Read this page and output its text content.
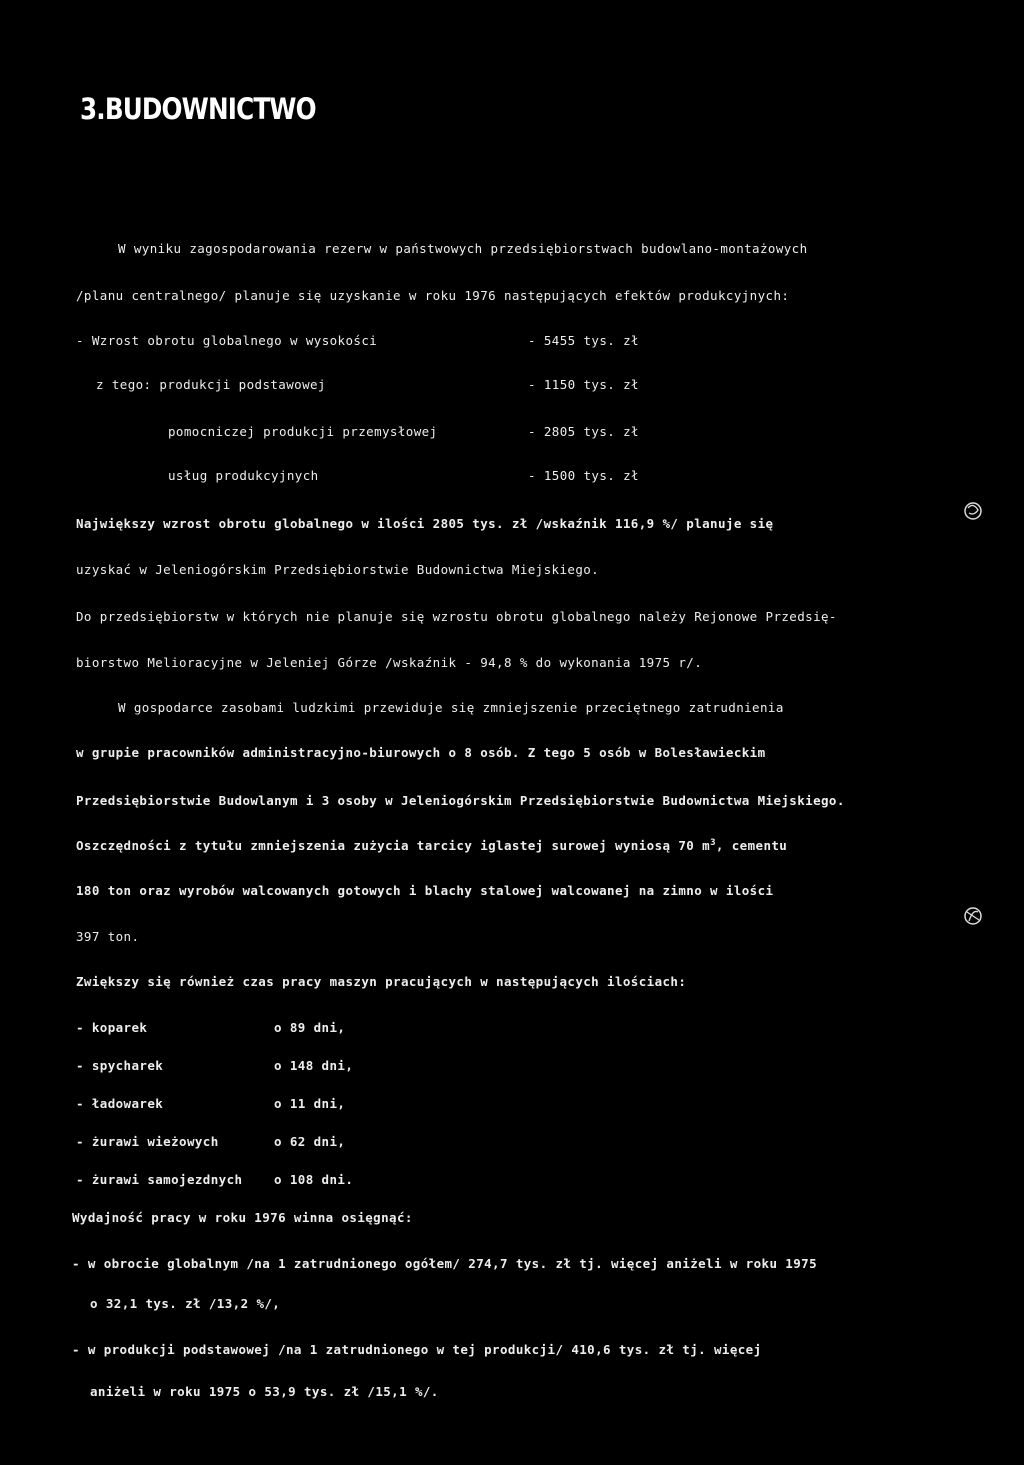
3.BUDOWNICTWO
W wyniku zagospodarowania rezerw w państwowych przedsiębiorstwach budowlano-montażowych
/planu centralnego/ planuje się uzyskanie w roku 1976 następujących efektów produkcyjnych:
- Wzrost obrotu globalnego w wysokości	- 5455 tys. zł
z tego: produkcji podstawowej	- 1150 tys. zł
pomocniczej produkcji przemysłowej	- 2805 tys. zł
usług produkcyjnych	- 1500 tys. zł
Największy wzrost obrotu globalnego w ilości 2805 tys. zł /wskaźnik 116,9 %/ planuje się
uzyskać w Jeleniogórskim Przedsiębiorstwie Budownictwa Miejskiego.
Do przedsiębiorstw w których nie planuje się wzrostu obrotu globalnego należy Rejonowe Przedsię-
biorstwo Melioracyjne w Jeleniej Górze /wskaźnik - 94,8 % do wykonania 1975 r/.
W gospodarce zasobami ludzkimi przewiduje się zmniejszenie przeciętnego zatrudnienia
w grupie pracowników administracyjno-biurowych o 8 osób. Z tego 5 osób w Bolesławieckim
Przedsiębiorstwie Budowlanym i 3 osoby w Jeleniogórskim Przedsiębiorstwie Budownictwa Miejskiego.
Oszczędności z tytułu zmniejszenia zużycia tarcicy iglastej surowej wyniosą 70 $m^3$, cementu
180 ton oraz wyrobów walcowanych gotowych i blachy stalowej walcowanej na zimno w ilości
397 ton.
Zwiększy się również czas pracy maszyn pracujących w następujących ilościach:
- koparek	o 89 dni,
- spycharek	o 148 dni,
- ładowarek	o 11 dni,
- żurawi wieżowych	o 62 dni,
- żurawi samojezdnych	o 108 dni.
Wydajność pracy w roku 1976 winna osięgnąć:
- w obrocie globalnym /na 1 zatrudnionego ogółem/ 274,7 tys. zł tj. więcej aniżeli w roku 1975
o 32,1 tys. zł /13,2 %/,
- w produkcji podstawowej /na 1 zatrudnionego w tej produkcji/ 410,6 tys. zł tj. więcej
aniżeli w roku 1975 o 53,9 tys. zł /15,1 %/.
